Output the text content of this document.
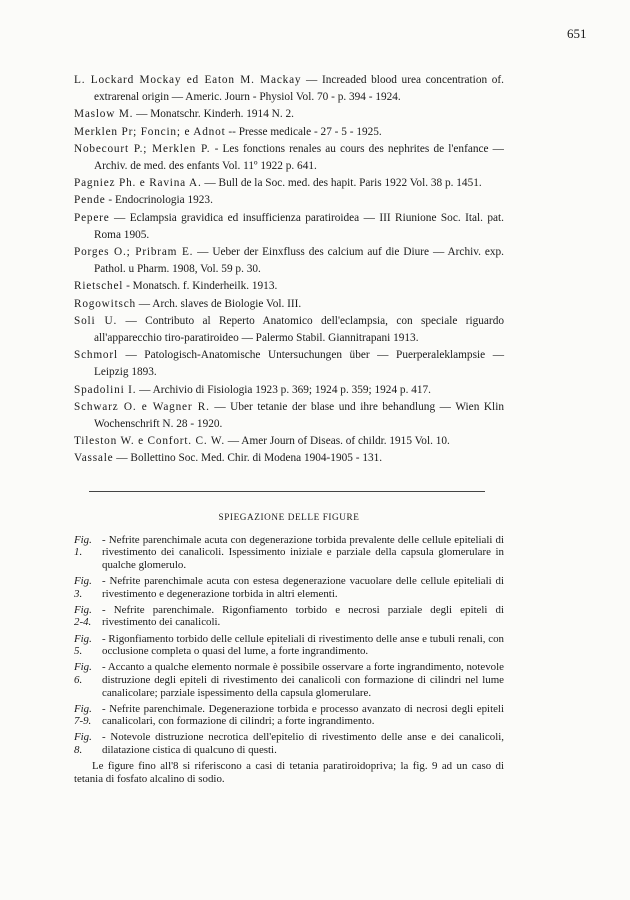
651
L. Lockard Mockay ed Eaton M. Mackay — Increaded blood urea concentration of. extrarenal origin — Americ. Journ - Physiol Vol. 70 - p. 394 - 1924.
Maslow M. — Monatschr. Kinderh. 1914 N. 2.
Merklen Pr; Foncin; e Adnot -- Presse medicale - 27 - 5 - 1925.
Nobecourt P.; Merklen P. - Les fonctions renales au cours des nephrites de l'enfance — Archiv. de med. des enfants Vol. 11º 1922 p. 641.
Pagniez Ph. e Ravina A. — Bull de la Soc. med. des hapit. Paris 1922 Vol. 38 p. 1451.
Pende - Endocrinologia 1923.
Pepere — Eclampsia gravidica ed insufficienza paratiroidea — III Riunione Soc. Ital. pat. Roma 1905.
Porges O.; Pribram E. — Ueber der Einxfluss des calcium auf die Diure — Archiv. exp. Pathol. u Pharm. 1908, Vol. 59 p. 30.
Rietschel - Monatsch. f. Kinderheilk. 1913.
Rogowitsch — Arch. slaves de Biologie Vol. III.
Soli U. — Contributo al Reperto Anatomico dell'eclampsia, con speciale riguardo all'apparecchio tiro-paratiroideo — Palermo Stabil. Giannitrapani 1913.
Schmorl — Patologisch-Anatomische Untersuchungen über — Puerperaleklampsie — Leipzig 1893.
Spadolini I. — Archivio di Fisiologia 1923 p. 369; 1924 p. 359; 1924 p. 417.
Schwarz O. e Wagner R. — Uber tetanie der blase und ihre behandlung — Wien Klin Wochenschrift N. 28 - 1920.
Tileston W. e Confort. C. W. — Amer Journ of Diseas. of childr. 1915 Vol. 10.
Vassale — Bollettino Soc. Med. Chir. di Modena 1904-1905 - 131.
SPIEGAZIONE DELLE FIGURE
Fig. 1.
- Nefrite parenchimale acuta con degenerazione torbida prevalente delle cellule epiteliali di rivestimento dei canalicoli. Ispessimento iniziale e parziale della capsula glomerulare in qualche glomerulo.
Fig. 3.
- Nefrite parenchimale acuta con estesa degenerazione vacuolare delle cellule epiteliali di rivestimento e degenerazione torbida in altri elementi.
Fig. 2-4.
- Nefrite parenchimale. Rigonfiamento torbido e necrosi parziale degli epiteli di rivestimento dei canalicoli.
Fig. 5.
- Rigonfiamento torbido delle cellule epiteliali di rivestimento delle anse e tubuli renali, con occlusione completa o quasi del lume, a forte ingrandimento.
Fig. 6.
- Accanto a qualche elemento normale è possibile osservare a forte ingrandimento, notevole distruzione degli epiteli di rivestimento dei canalicoli con formazione di cilindri nel lume canalicolare; parziale ispessimento della capsula glomerulare.
Fig. 7-9.
- Nefrite parenchimale. Degenerazione torbida e processo avanzato di necrosi degli epiteli canalicolari, con formazione di cilindri; a forte ingrandimento.
Fig. 8.
- Notevole distruzione necrotica dell'epitelio di rivestimento delle anse e dei canalicoli, dilatazione cistica di qualcuno di questi.
Le figure fino all'8 si riferiscono a casi di tetania paratiroidopriva; la fig. 9 ad un caso di tetania di fosfato alcalino di sodio.
